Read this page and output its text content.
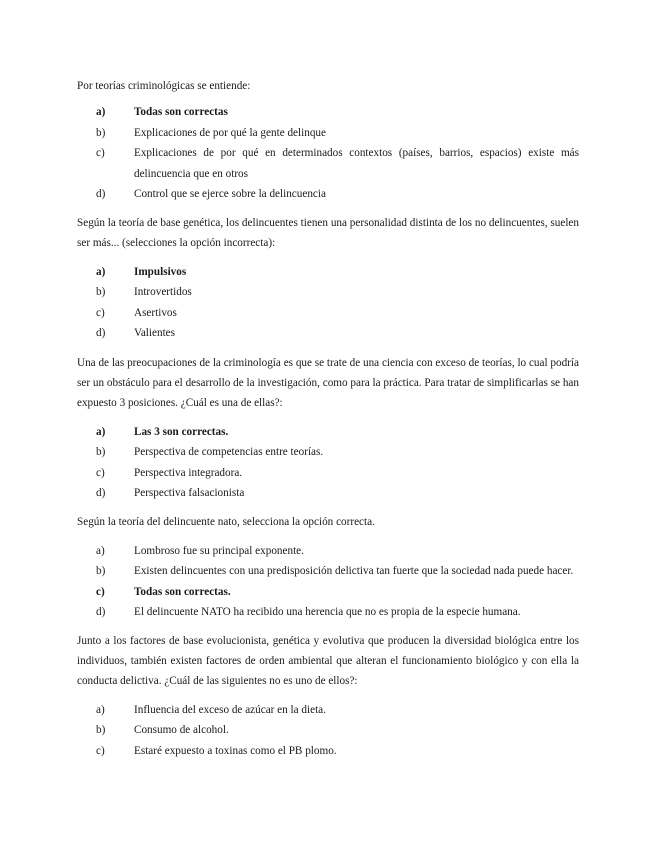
Por teorías criminológicas se entiende:

a)	Todas son correctas
b)	Explicaciones de por qué la gente delinque
c)	Explicaciones de por qué en determinados contextos (países, barrios, espacios) existe más delincuencia que en otros
d)	Control que se ejerce sobre la delincuencia

Según la teoría de base genética, los delincuentes tienen una personalidad distinta de los no delincuentes, suelen ser más... (selecciones la opción incorrecta):

a)	Impulsivos
b)	Introvertidos
c)	Asertivos
d)	Valientes

Una de las preocupaciones de la criminología es que se trate de una ciencia con exceso de teorías, lo cual podría ser un obstáculo para el desarrollo de la investigación, como para la práctica. Para tratar de simplificarlas se han expuesto 3 posiciones. ¿Cuál es una de ellas?:

a)	Las 3 son correctas.
b)	Perspectiva de competencias entre teorías.
c)	Perspectiva integradora.
d)	Perspectiva falsacionista

Según la teoría del delincuente nato, selecciona la opción correcta.

a)	Lombroso fue su principal exponente.
b)	Existen delincuentes con una predisposición delictiva tan fuerte que la sociedad nada puede hacer.
c)	Todas son correctas.
d)	El delincuente NATO ha recibido una herencia que no es propia de la especie humana.

Junto a los factores de base evolucionista, genética y evolutiva que producen la diversidad biológica entre los individuos, también existen factores de orden ambiental que alteran el funcionamiento biológico y con ella la conducta delictiva. ¿Cuál de las siguientes no es uno de ellos?:

a)	Influencia del exceso de azúcar en la dieta.
b)	Consumo de alcohol.
c)	Estaré expuesto a toxinas como el PB plomo.
